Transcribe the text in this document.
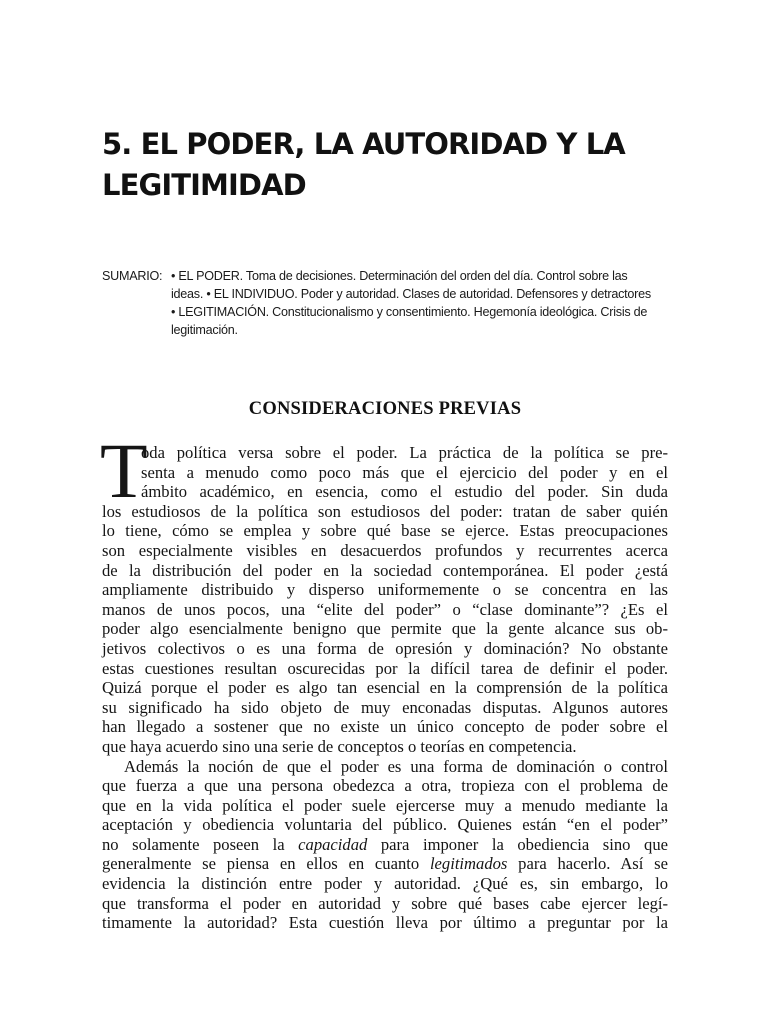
5. EL PODER, LA AUTORIDAD Y LA
LEGITIMIDAD
SUMARIO: • EL PODER. Toma de decisiones. Determinación del orden del día. Control sobre las
ideas. • EL INDIVIDUO. Poder y autoridad. Clases de autoridad. Defensores y detractores
• LEGITIMACIÓN. Constitucionalismo y consentimiento. Hegemonía ideológica. Crisis de
legitimación.
CONSIDERACIONES PREVIAS
T
oda política versa sobre el poder. La práctica de la política se pre-
senta a menudo como poco más que el ejercicio del poder y en el
ámbito académico, en esencia, como el estudio del poder. Sin duda
los estudiosos de la política son estudiosos del poder: tratan de saber quién
lo tiene, cómo se emplea y sobre qué base se ejerce. Estas preocupaciones
son especialmente visibles en desacuerdos profundos y recurrentes acerca
de la distribución del poder en la sociedad contemporánea. El poder ¿está
ampliamente distribuido y disperso uniformemente o se concentra en las
manos de unos pocos, una “elite del poder” o “clase dominante”? ¿Es el
poder algo esencialmente benigno que permite que la gente alcance sus ob-
jetivos colectivos o es una forma de opresión y dominación? No obstante
estas cuestiones resultan oscurecidas por la difícil tarea de definir el poder.
Quizá porque el poder es algo tan esencial en la comprensión de la política
su significado ha sido objeto de muy enconadas disputas. Algunos autores
han llegado a sostener que no existe un único concepto de poder sobre el
que haya acuerdo sino una serie de conceptos o teorías en competencia.
Además la noción de que el poder es una forma de dominación o control
que fuerza a que una persona obedezca a otra, tropieza con el problema de
que en la vida política el poder suele ejercerse muy a menudo mediante la
aceptación y obediencia voluntaria del público. Quienes están “en el poder”
no solamente poseen la capacidad para imponer la obediencia sino que
generalmente se piensa en ellos en cuanto legitimados para hacerlo. Así se
evidencia la distinción entre poder y autoridad. ¿Qué es, sin embargo, lo
que transforma el poder en autoridad y sobre qué bases cabe ejercer legí-
timamente la autoridad? Esta cuestión lleva por último a preguntar por la
